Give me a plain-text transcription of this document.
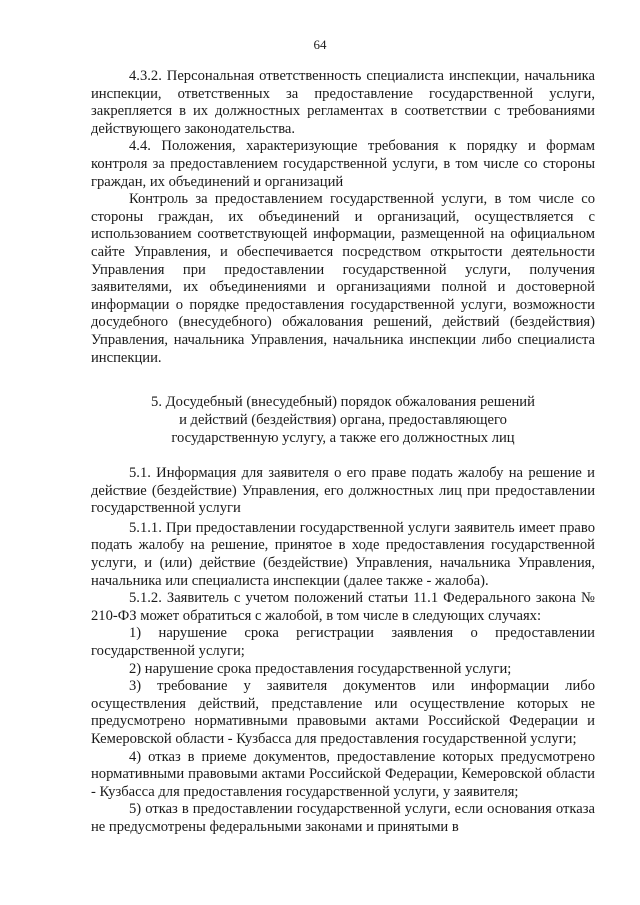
64

4.3.2. Персональная ответственность специалиста инспекции, начальника инспекции, ответственных за предоставление государственной услуги, закрепляется в их должностных регламентах в соответствии с требованиями действующего законодательства.

4.4. Положения, характеризующие требования к порядку и формам контроля за предоставлением государственной услуги, в том числе со стороны граждан, их объединений и организаций

Контроль за предоставлением государственной услуги, в том числе со стороны граждан, их объединений и организаций, осуществляется с использованием соответствующей информации, размещенной на официальном сайте Управления, и обеспечивается посредством открытости деятельности Управления при предоставлении государственной услуги, получения заявителями, их объединениями и организациями полной и достоверной информации о порядке предоставления государственной услуги, возможности досудебного (внесудебного) обжалования решений, действий (бездействия) Управления, начальника Управления, начальника инспекции либо специалиста инспекции.

5. Досудебный (внесудебный) порядок обжалования решений
и действий (бездействия) органа, предоставляющего
государственную услугу, а также его должностных лиц

5.1. Информация для заявителя о его праве подать жалобу на решение и действие (бездействие) Управления, его должностных лиц при предоставлении государственной услуги

5.1.1. При предоставлении государственной услуги заявитель имеет право подать жалобу на решение, принятое в ходе предоставления государственной услуги, и (или) действие (бездействие) Управления, начальника Управления, начальника или специалиста инспекции (далее также - жалоба).

5.1.2. Заявитель с учетом положений статьи 11.1 Федерального закона № 210-ФЗ может обратиться с жалобой, в том числе в следующих случаях:

1) нарушение срока регистрации заявления о предоставлении государственной услуги;

2) нарушение срока предоставления государственной услуги;

3) требование у заявителя документов или информации либо осуществления действий, представление или осуществление которых не предусмотрено нормативными правовыми актами Российской Федерации и Кемеровской области - Кузбасса для предоставления государственной услуги;

4) отказ в приеме документов, предоставление которых предусмотрено нормативными правовыми актами Российской Федерации, Кемеровской области - Кузбасса для предоставления государственной услуги, у заявителя;

5) отказ в предоставлении государственной услуги, если основания отказа не предусмотрены федеральными законами и принятыми в
